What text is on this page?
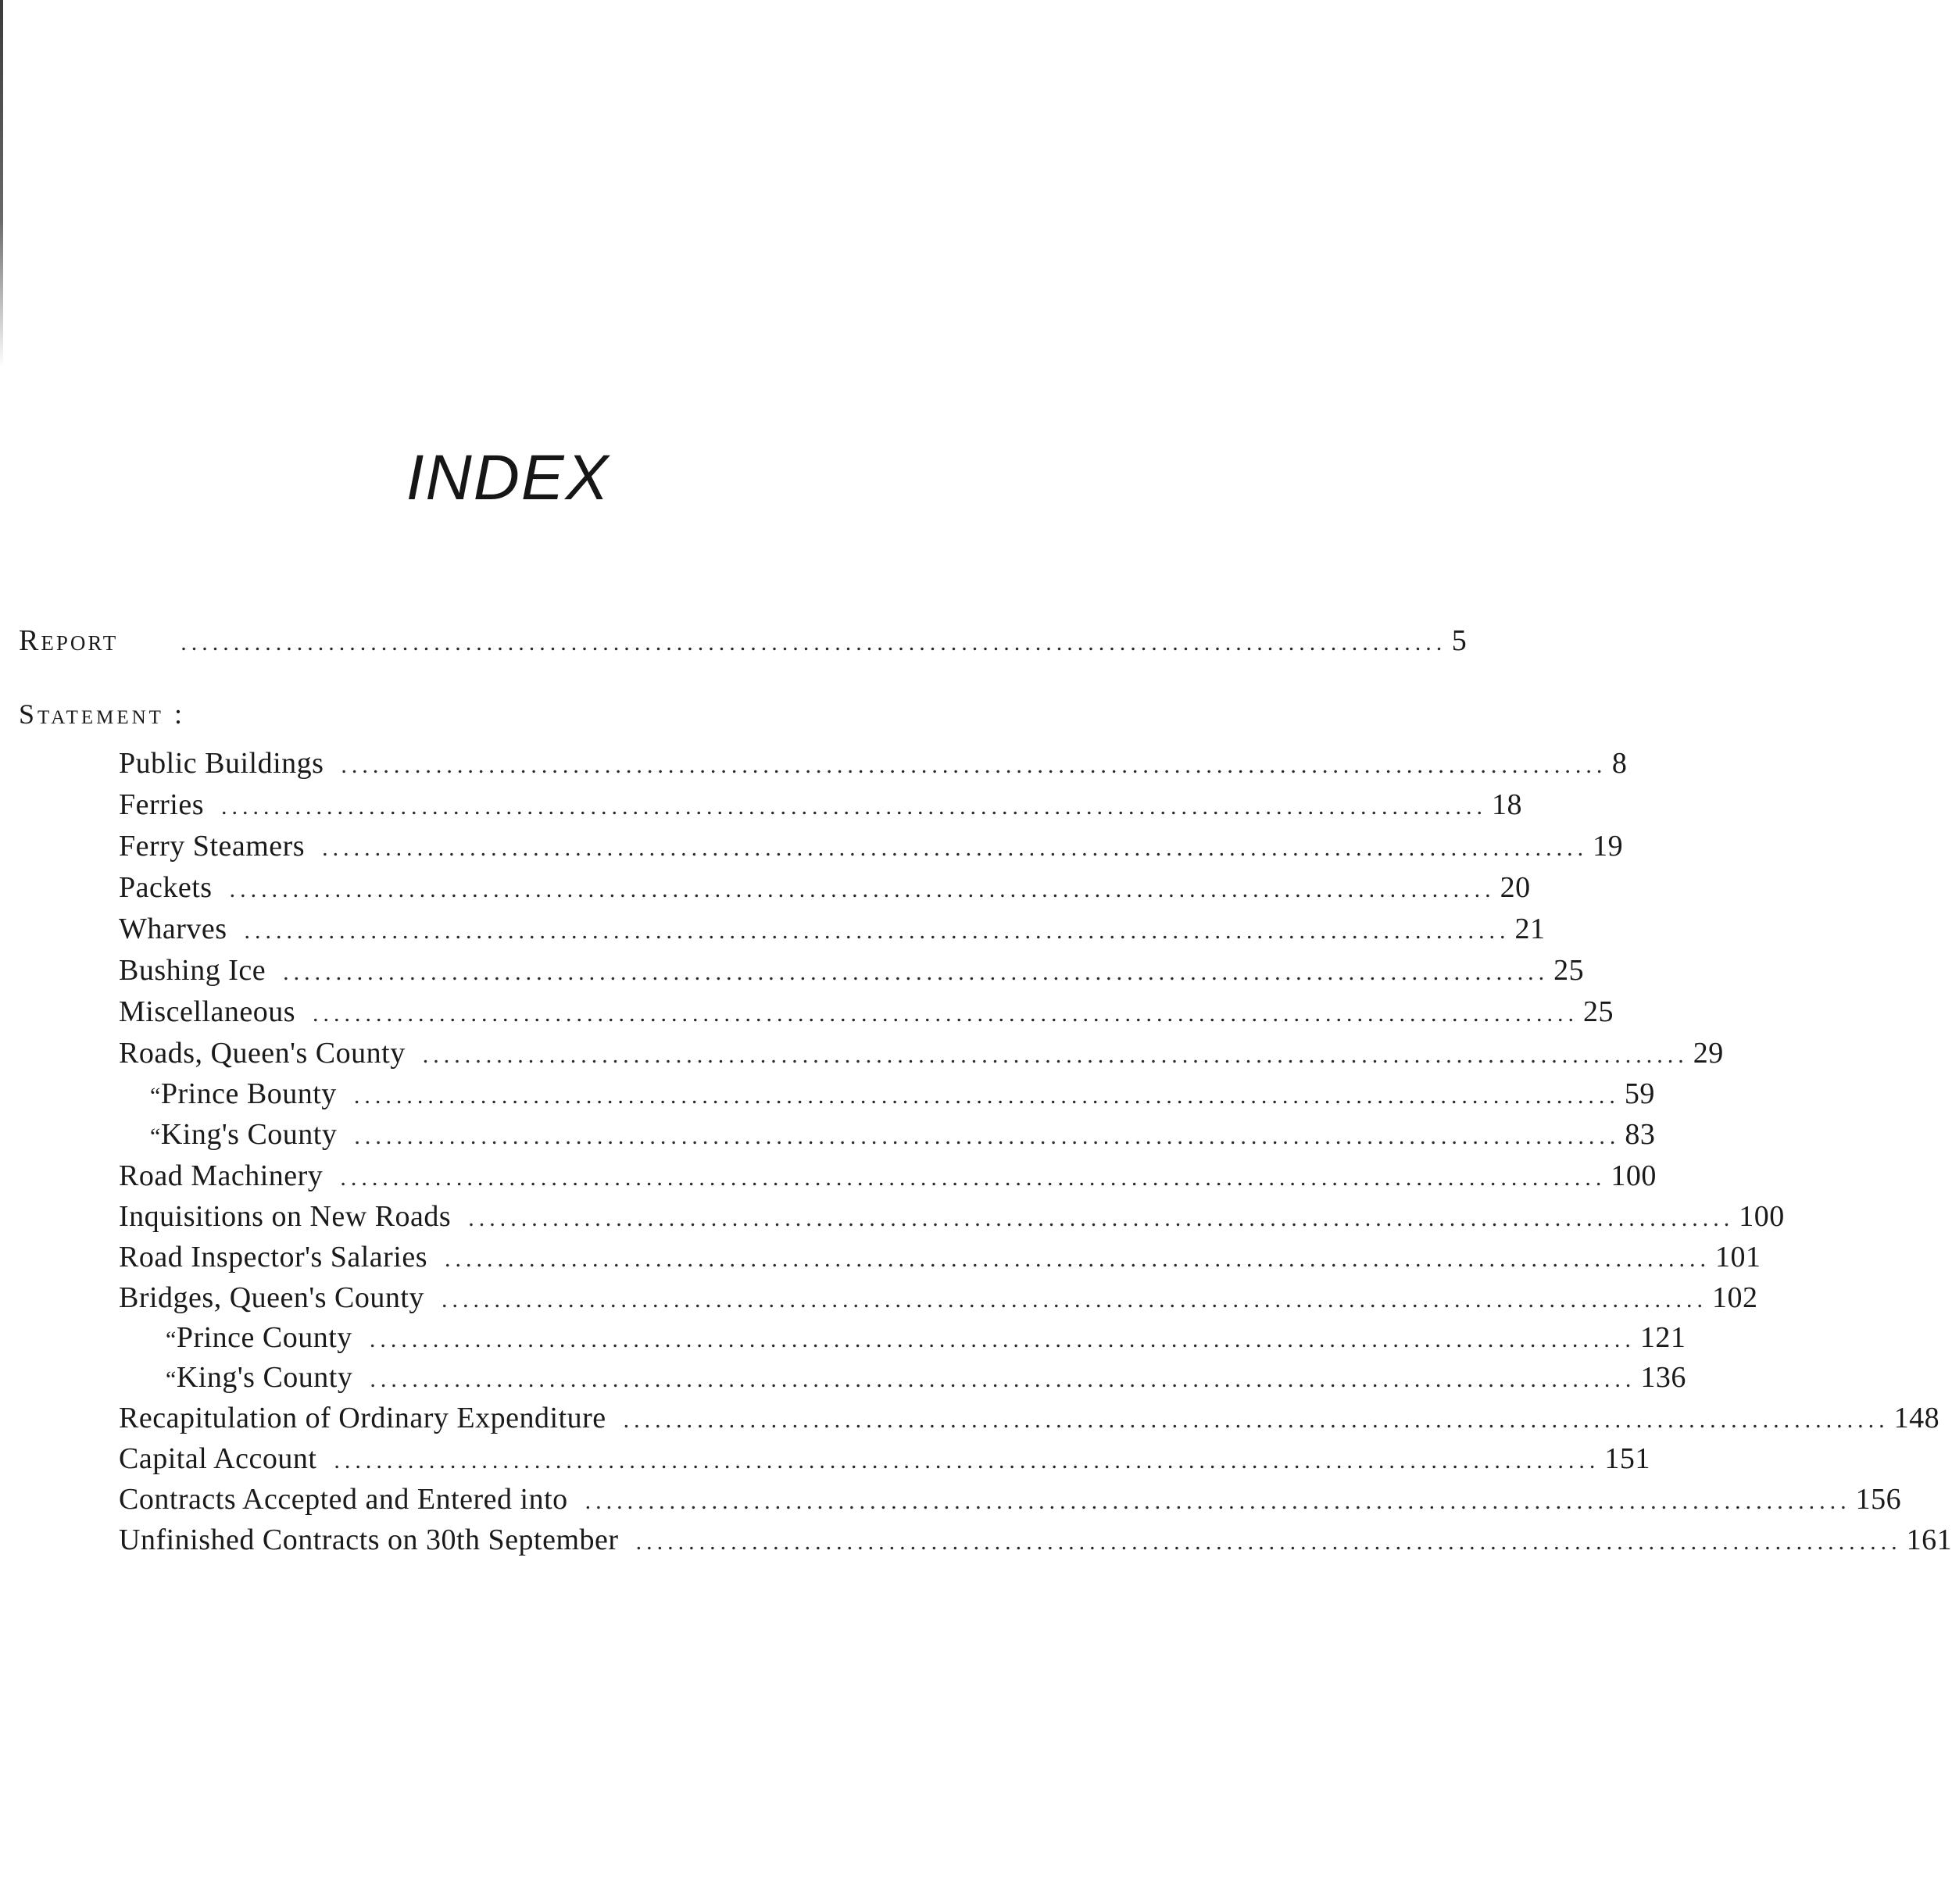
INDEX
Report	........................................................................................................................ 5
Statement :
Public Buildings ........................................................................................................................ 8
Ferries ........................................................................................................................ 18
Ferry Steamers ........................................................................................................................ 19
Packets ........................................................................................................................ 20
Wharves ........................................................................................................................ 21
Bushing Ice ........................................................................................................................ 25
Miscellaneous ........................................................................................................................ 25
Roads, Queen's County ........................................................................................................................ 29
“ Prince Bounty ........................................................................................................................ 59
“ King's County ........................................................................................................................ 83
Road Machinery ........................................................................................................................ 100
Inquisitions on New Roads ........................................................................................................................ 100
Road Inspector's Salaries ........................................................................................................................ 101
Bridges, Queen's County ........................................................................................................................ 102
“ Prince County ........................................................................................................................ 121
“ King's County ........................................................................................................................ 136
Recapitulation of Ordinary Expenditure ........................................................................................................................ 148
Capital Account ........................................................................................................................ 151
Contracts Accepted and Entered into ........................................................................................................................ 156
Unfinished Contracts on 30th September ........................................................................................................................ 161
